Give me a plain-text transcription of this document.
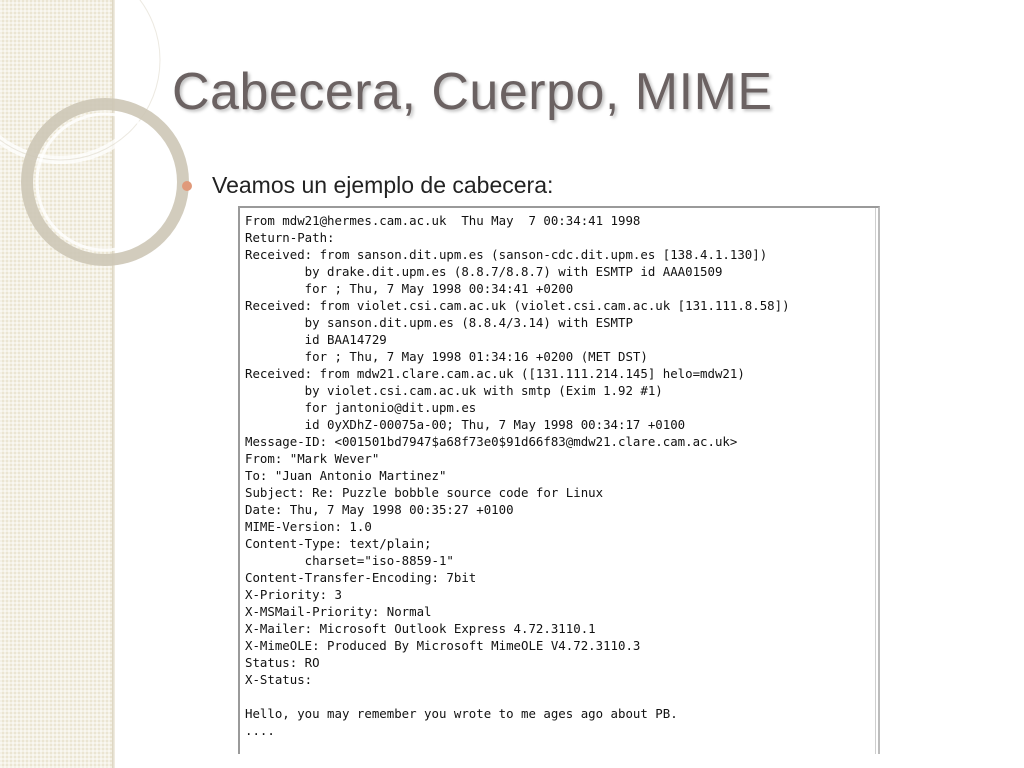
Cabecera, Cuerpo, MIME
Veamos un ejemplo de cabecera:
From mdw21@hermes.cam.ac.uk  Thu May  7 00:34:41 1998
Return-Path:
Received: from sanson.dit.upm.es (sanson-cdc.dit.upm.es [138.4.1.130])
by drake.dit.upm.es (8.8.7/8.8.7) with ESMTP id AAA01509
for ; Thu, 7 May 1998 00:34:41 +0200
Received: from violet.csi.cam.ac.uk (violet.csi.cam.ac.uk [131.111.8.58])
by sanson.dit.upm.es (8.8.4/3.14) with ESMTP
id BAA14729
for ; Thu, 7 May 1998 01:34:16 +0200 (MET DST)
Received: from mdw21.clare.cam.ac.uk ([131.111.214.145] helo=mdw21)
by violet.csi.cam.ac.uk with smtp (Exim 1.92 #1)
for jantonio@dit.upm.es
id 0yXDhZ-00075a-00; Thu, 7 May 1998 00:34:17 +0100
Message-ID: <001501bd7947$a68f73e0$91d66f83@mdw21.clare.cam.ac.uk>
From: "Mark Wever"
To: "Juan Antonio Martinez"
Subject: Re: Puzzle bobble source code for Linux
Date: Thu, 7 May 1998 00:35:27 +0100
MIME-Version: 1.0
Content-Type: text/plain;
charset="iso-8859-1"
Content-Transfer-Encoding: 7bit
X-Priority: 3
X-MSMail-Priority: Normal
X-Mailer: Microsoft Outlook Express 4.72.3110.1
X-MimeOLE: Produced By Microsoft MimeOLE V4.72.3110.3
Status: RO
X-Status:

Hello, you may remember you wrote to me ages ago about PB.
....
